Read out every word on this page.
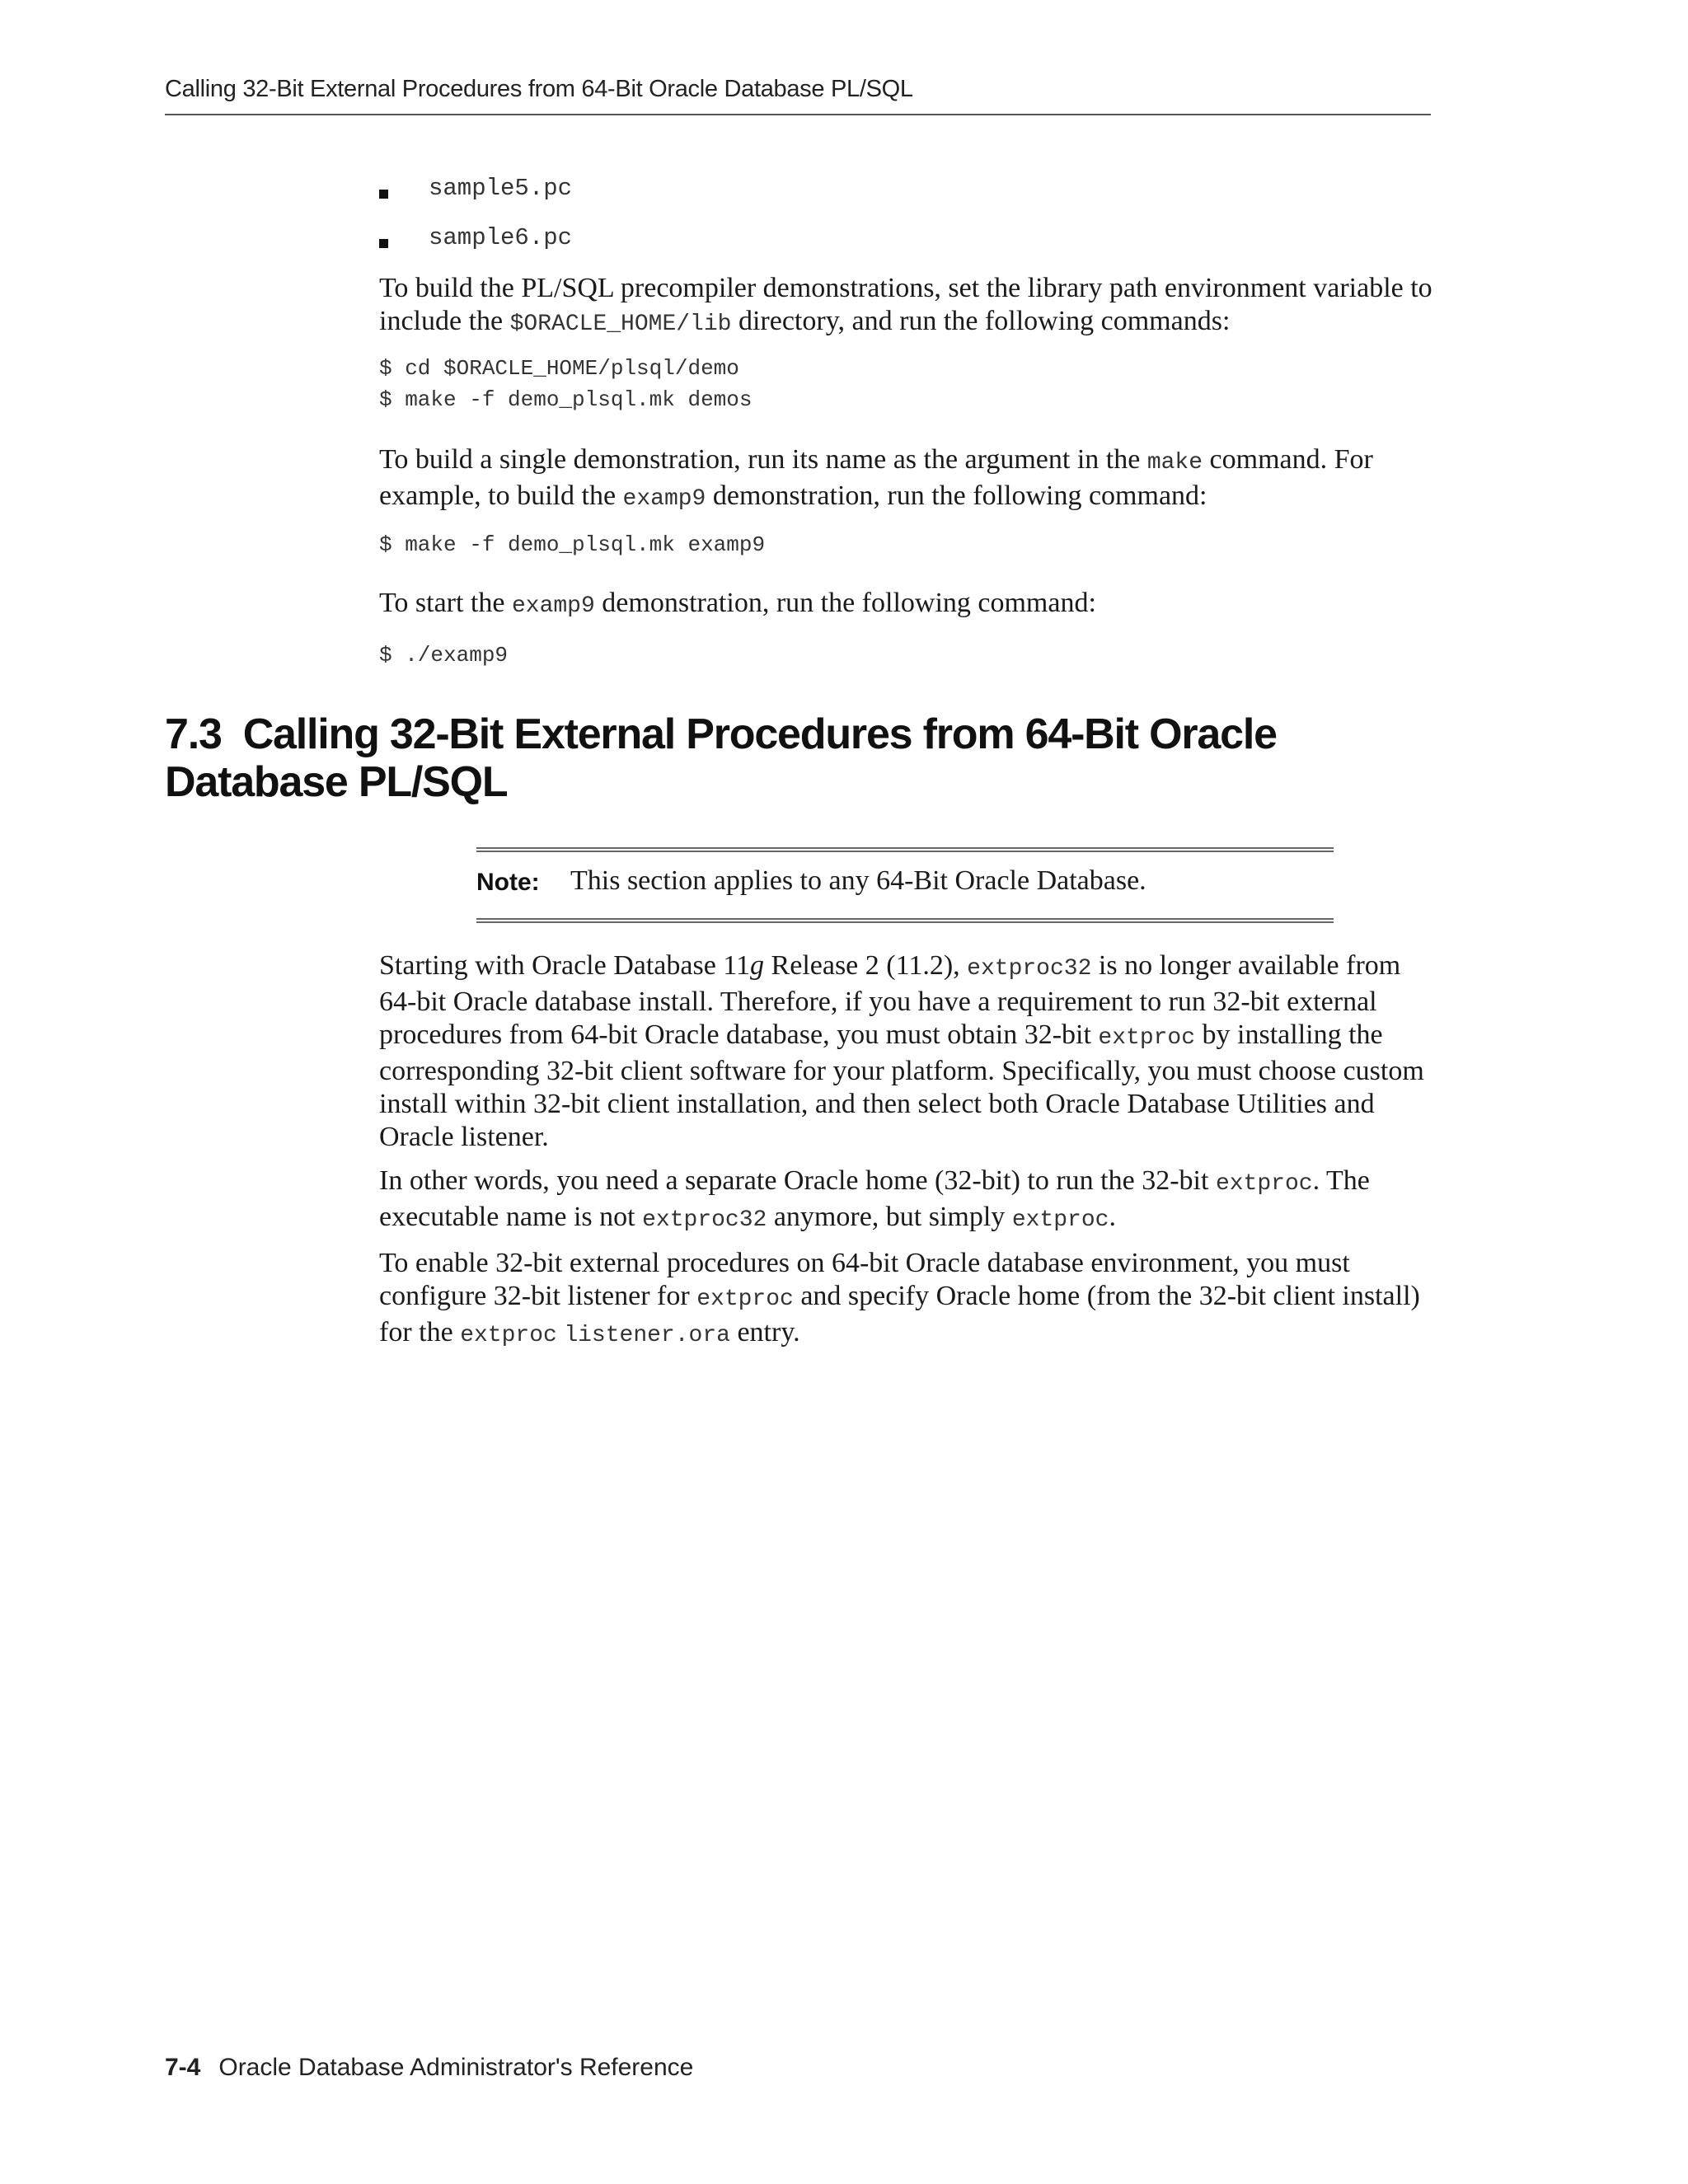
Calling 32-Bit External Procedures from 64-Bit Oracle Database PL/SQL
sample5.pc
sample6.pc

To build the PL/SQL precompiler demonstrations, set the library path environment variable to include the $ORACLE_HOME/lib directory, and run the following commands:

$ cd $ORACLE_HOME/plsql/demo
$ make -f demo_plsql.mk demos

To build a single demonstration, run its name as the argument in the make command. For example, to build the examp9 demonstration, run the following command:

$ make -f demo_plsql.mk examp9

To start the examp9 demonstration, run the following command:

$ ./examp9
7.3 Calling 32-Bit External Procedures from 64-Bit Oracle Database PL/SQL
Note: This section applies to any 64-Bit Oracle Database.

Starting with Oracle Database 11g Release 2 (11.2), extproc32 is no longer available from 64-bit Oracle database install. Therefore, if you have a requirement to run 32-bit external procedures from 64-bit Oracle database, you must obtain 32-bit extproc by installing the corresponding 32-bit client software for your platform. Specifically, you must choose custom install within 32-bit client installation, and then select both Oracle Database Utilities and Oracle listener.

In other words, you need a separate Oracle home (32-bit) to run the 32-bit extproc. The executable name is not extproc32 anymore, but simply extproc.

To enable 32-bit external procedures on 64-bit Oracle database environment, you must configure 32-bit listener for extproc and specify Oracle home (from the 32-bit client install) for the extproc listener.ora entry.

7-4 Oracle Database Administrator's Reference
